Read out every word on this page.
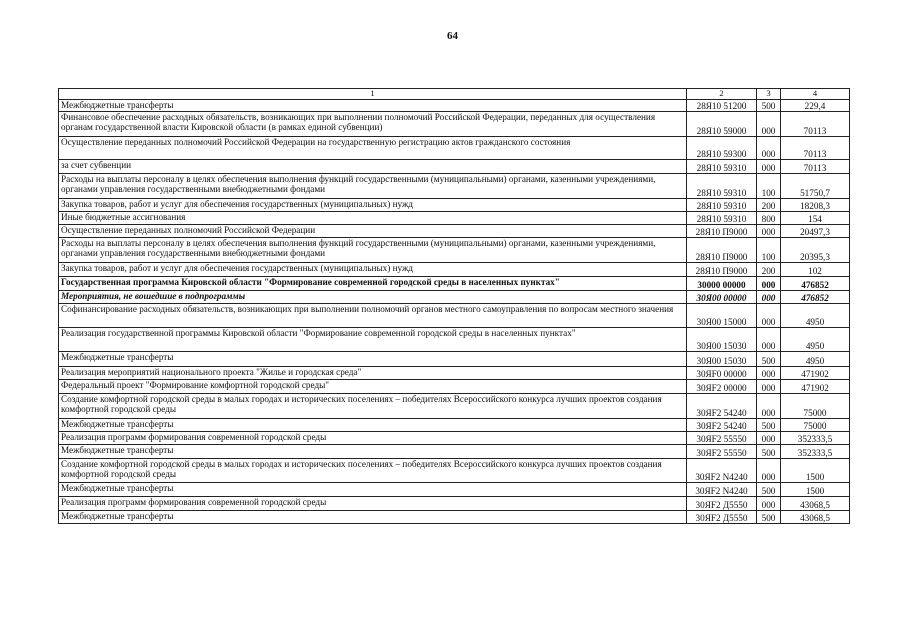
64
1	2	3	4
Межбюджетные трансферты	28Я10 51200	500	229,4
Финансовое обеспечение расходных обязательств, возникающих при выполнении полномочий Российской Федерации, переданных для осуществления органам государственной власти Кировской области (в рамках единой субвенции)	28Я10 59000	000	70113
Осуществление переданных полномочий Российской Федерации на государственную регистрацию актов гражданского состояния	28Я10 59300	000	70113
за счет субвенции	28Я10 59310	000	70113
Расходы на выплаты персоналу в целях обеспечения выполнения функций государственными (муниципальными) органами, казенными учреждениями, органами управления государственными внебюджетными фондами	28Я10 59310	100	51750,7
Закупка товаров, работ и услуг для обеспечения государственных (муниципальных) нужд	28Я10 59310	200	18208,3
Иные бюджетные ассигнования	28Я10 59310	800	154
Осуществление переданных полномочий Российской Федерации	28Я10 П9000	000	20497,3
Расходы на выплаты персоналу в целях обеспечения выполнения функций государственными (муниципальными) органами, казенными учреждениями, органами управления государственными внебюджетными фондами	28Я10 П9000	100	20395,3
Закупка товаров, работ и услуг для обеспечения государственных (муниципальных) нужд	28Я10 П9000	200	102
Государственная программа Кировской области "Формирование современной городской среды в населенных пунктах"	30000 00000	000	476852
Мероприятия, не вошедшие в подпрограммы	30Я00 00000	000	476852
Софинансирование расходных обязательств, возникающих при выполнении полномочий органов местного самоуправления по вопросам местного значения	30Я00 15000	000	4950
Реализация государственной программы Кировской области "Формирование современной городской среды в населенных пунктах"	30Я00 15030	000	4950
Межбюджетные трансферты	30Я00 15030	500	4950
Реализация мероприятий национального проекта "Жилье и городская среда"	30ЯF0 00000	000	471902
Федеральный проект "Формирование комфортной городской среды"	30ЯF2 00000	000	471902
Создание комфортной городской среды в малых городах и исторических поселениях – победителях Всероссийского конкурса лучших проектов создания комфортной городской среды	30ЯF2 54240	000	75000
Межбюджетные трансферты	30ЯF2 54240	500	75000
Реализация программ формирования современной городской среды	30ЯF2 55550	000	352333,5
Межбюджетные трансферты	30ЯF2 55550	500	352333,5
Создание комфортной городской среды в малых городах и исторических поселениях – победителях Всероссийского конкурса лучших проектов создания комфортной городской среды	30ЯF2 N4240	000	1500
Межбюджетные трансферты	30ЯF2 N4240	500	1500
Реализация программ формирования современной городской среды	30ЯF2 Д5550	000	43068,5
Межбюджетные трансферты	30ЯF2 Д5550	500	43068,5
